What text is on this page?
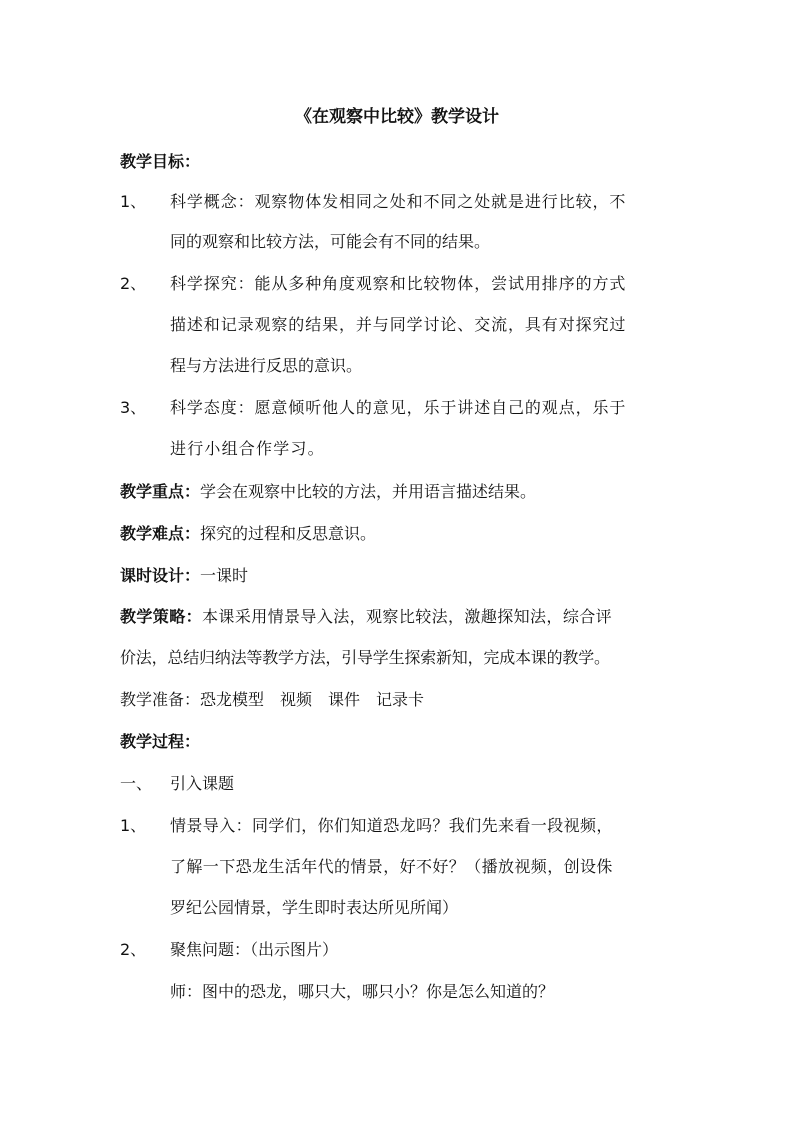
《在观察中比较》教学设计
教学目标：
1、 科学概念：观察物体发相同之处和不同之处就是进行比较，不
同的观察和比较方法，可能会有不同的结果。
2、 科学探究：能从多种角度观察和比较物体，尝试用排序的方式
描述和记录观察的结果，并与同学讨论、交流，具有对探究过
程与方法进行反思的意识。
3、 科学态度：愿意倾听他人的意见，乐于讲述自己的观点，乐于
进行小组合作学习。
教学重点：学会在观察中比较的方法，并用语言描述结果。
教学难点：探究的过程和反思意识。
课时设计：一课时
教学策略：本课采用情景导入法，观察比较法，激趣探知法，综合评
价法，总结归纳法等教学方法，引导学生探索新知，完成本课的教学。
教学准备：恐龙模型　视频　课件　记录卡
教学过程：
一、 引入课题
1、 情景导入：同学们，你们知道恐龙吗？我们先来看一段视频，
了解一下恐龙生活年代的情景，好不好？（播放视频，创设侏
罗纪公园情景，学生即时表达所见所闻）
2、 聚焦问题：（出示图片）
师：图中的恐龙，哪只大，哪只小？你是怎么知道的？
